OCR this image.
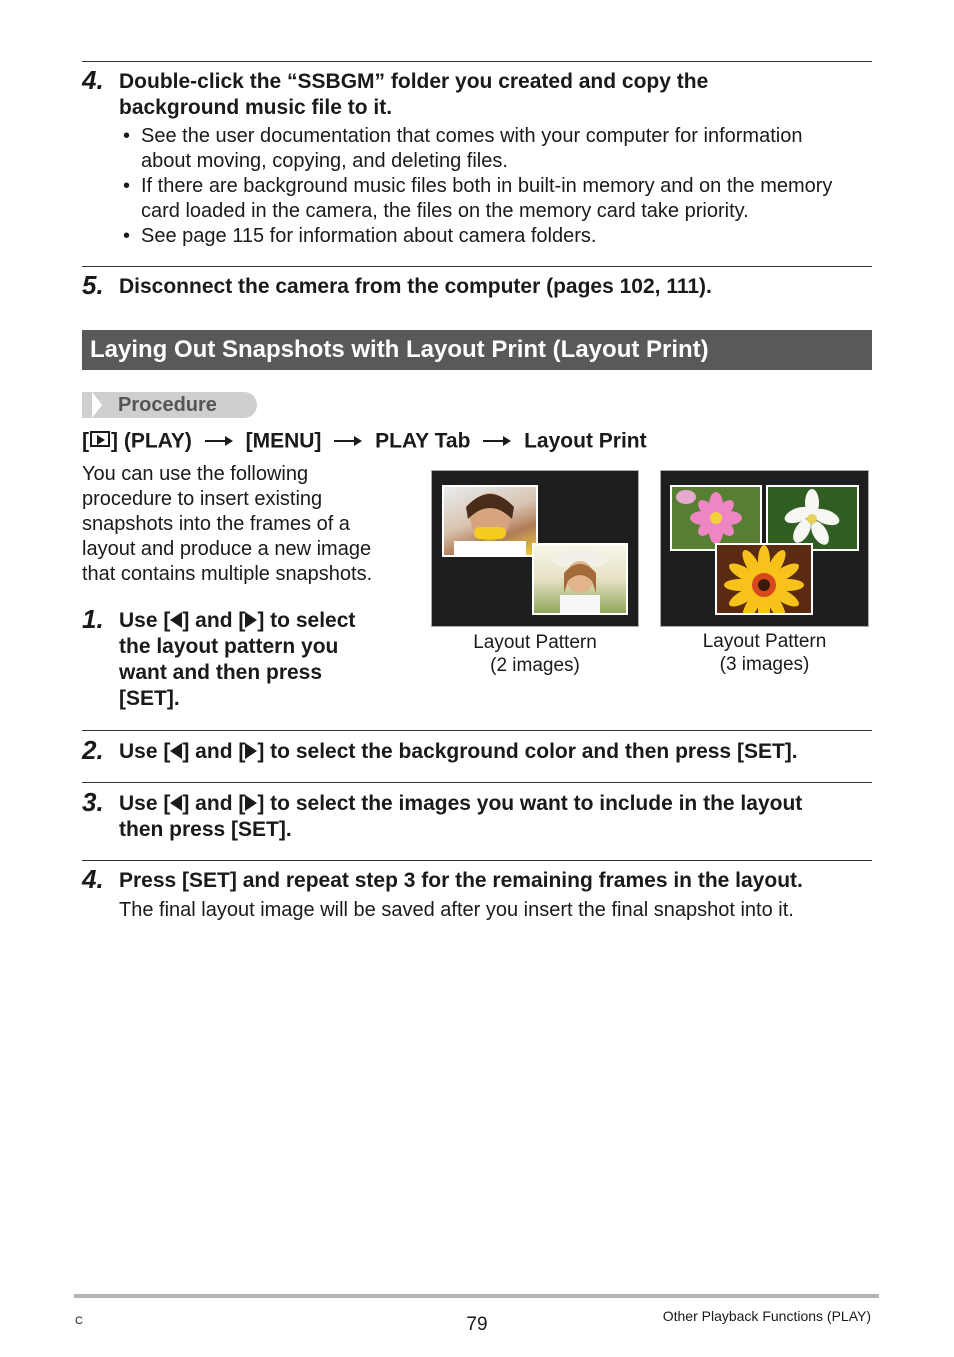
4. Double-click the “SSBGM” folder you created and copy the
background music file to it.
• See the user documentation that comes with your computer for information
about moving, copying, and deleting files.
• If there are background music files both in built-in memory and on the memory
card loaded in the camera, the files on the memory card take priority.
• See page 115 for information about camera folders.
5. Disconnect the camera from the computer (pages 102, 111).
Laying Out Snapshots with Layout Print (Layout Print)
Procedure
[ ] (PLAY)	[MENU]	PLAY Tab	Layout Print
You can use the following
procedure to insert existing
snapshots into the frames of a
layout and produce a new image
that contains multiple snapshots.
Layout Pattern
(2 images)
Layout Pattern
(3 images)
1. Use [ ] and [ ] to select
the layout pattern you
want and then press
[SET].
2. Use [ ] and [ ] to select the background color and then press [SET].
3. Use [ ] and [ ] to select the images you want to include in the layout
then press [SET].
4. Press [SET] and repeat step 3 for the remaining frames in the layout.
The final layout image will be saved after you insert the final snapshot into it.
C	79	Other Playback Functions (PLAY)
